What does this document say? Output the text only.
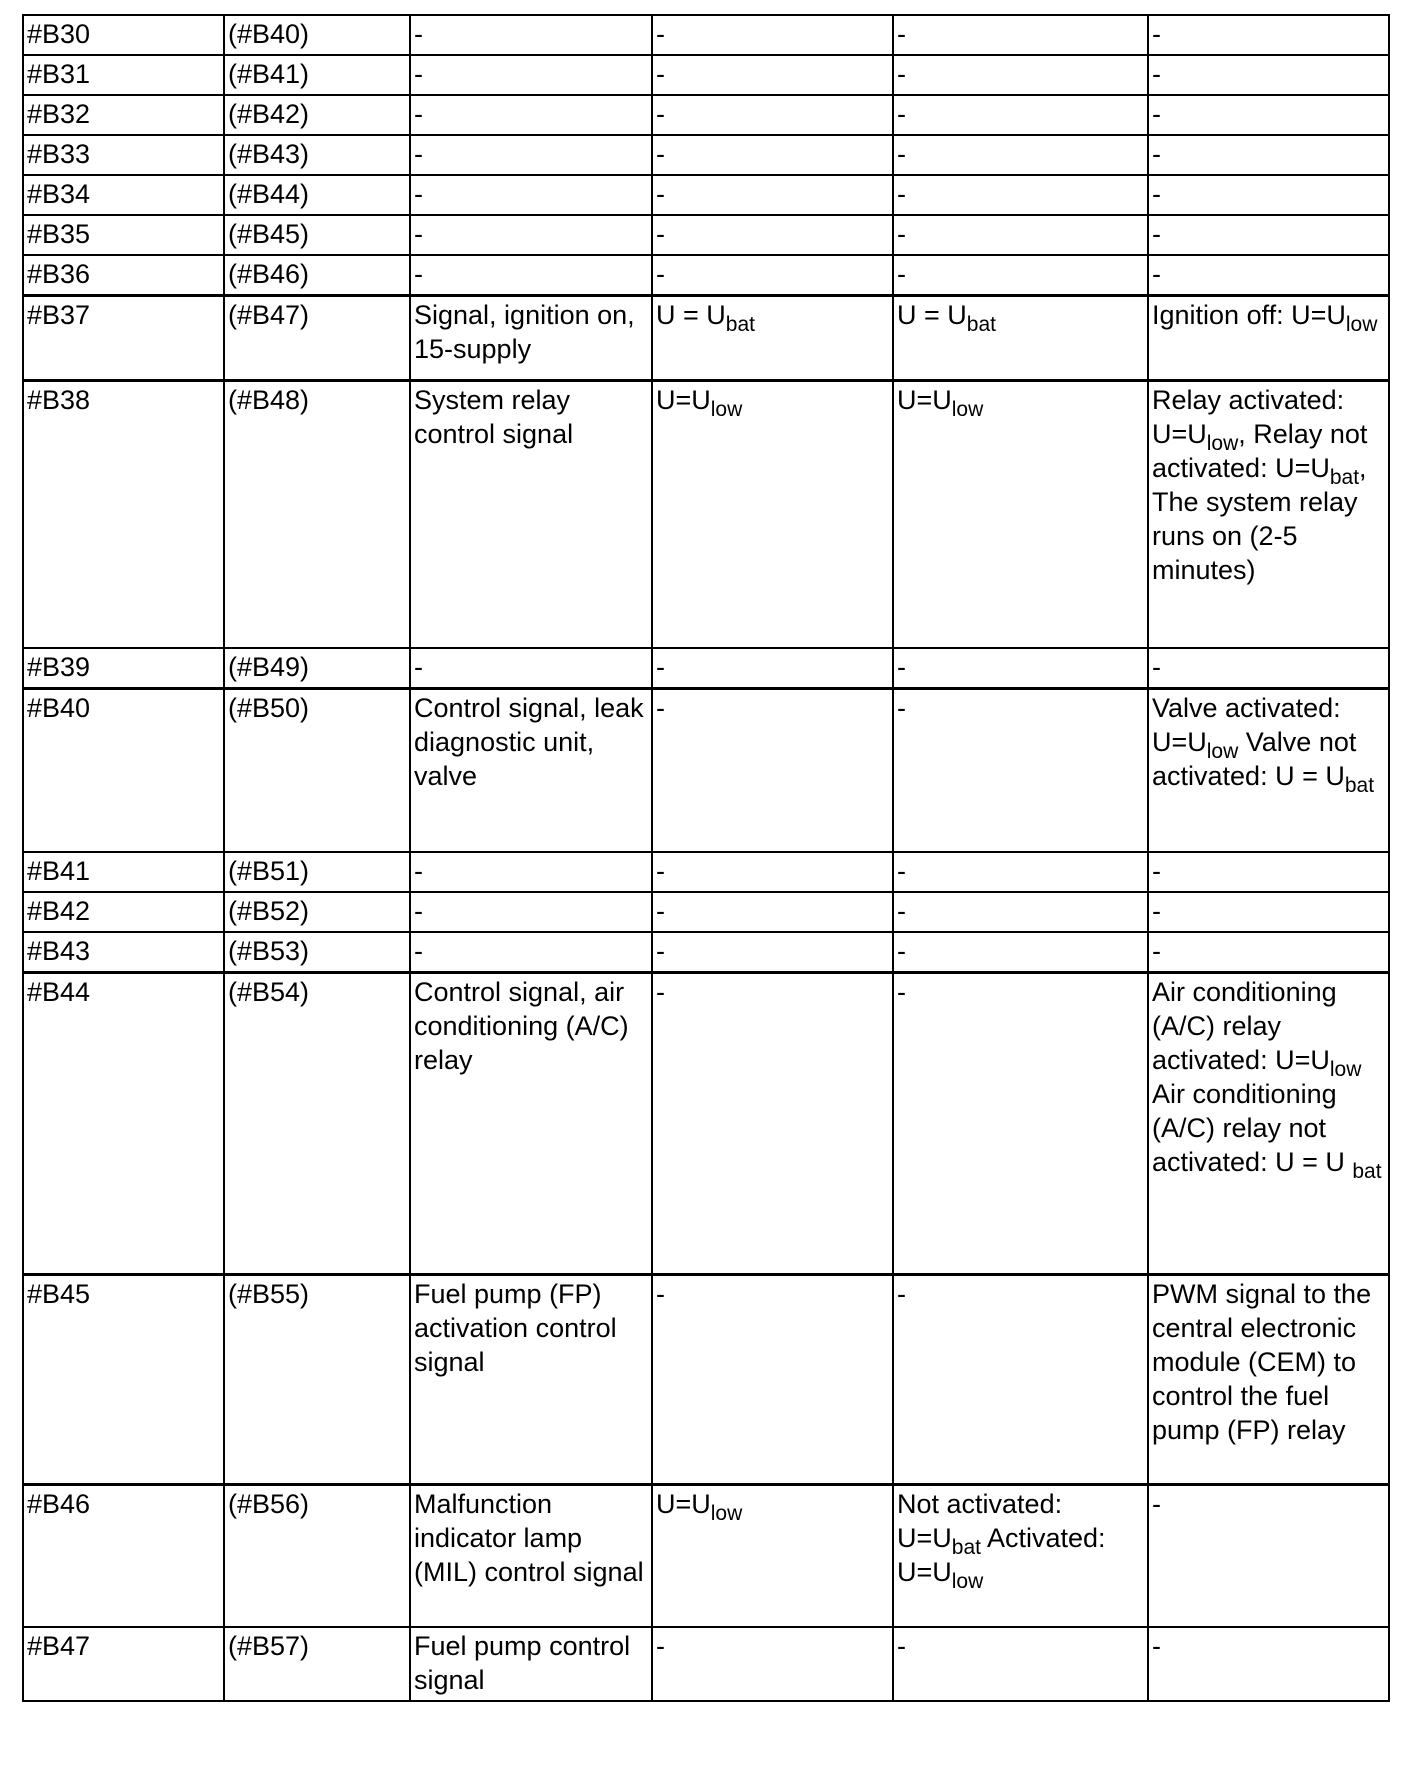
#B30	(#B40)	-	-	-	-
#B31	(#B41)	-	-	-	-
#B32	(#B42)	-	-	-	-
#B33	(#B43)	-	-	-	-
#B34	(#B44)	-	-	-	-
#B35	(#B45)	-	-	-	-
#B36	(#B46)	-	-	-	-
#B37	(#B47)	Signal, ignition on, 15-supply	$U = U_{bat}$	$U = U_{bat}$	Ignition off: $U=U_{low}$
#B38	(#B48)	System relay control signal	$U=U_{low}$	$U=U_{low}$	Relay activated: $U=U_{low}$, Relay not activated: $U=U_{bat}$, The system relay runs on (2-5 minutes)
#B39	(#B49)	-	-	-	-
#B40	(#B50)	Control signal, leak diagnostic unit, valve	-	-	Valve activated: $U=U_{low}$ Valve not activated: $U = U_{bat}$
#B41	(#B51)	-	-	-	-
#B42	(#B52)	-	-	-	-
#B43	(#B53)	-	-	-	-
#B44	(#B54)	Control signal, air conditioning (A/C) relay	-	-	Air conditioning (A/C) relay activated: $U=U_{low}$ Air conditioning (A/C) relay not activated: U = U $_{bat}$
#B45	(#B55)	Fuel pump (FP) activation control signal	-	-	PWM signal to the central electronic module (CEM) to control the fuel pump (FP) relay
#B46	(#B56)	Malfunction indicator lamp (MIL) control signal	$U=U_{low}$	Not activated: $U=U_{bat}$ Activated: $U=U_{low}$	-
#B47	(#B57)	Fuel pump control signal	-	-	-
